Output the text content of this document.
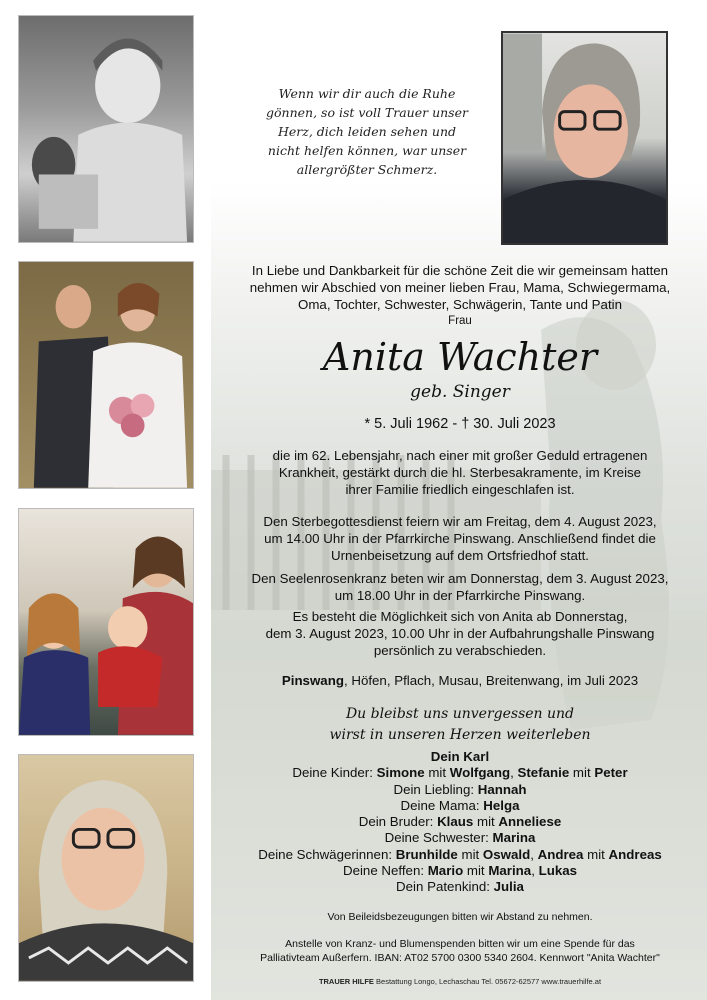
Wenn wir dir auch die Ruhe
gönnen, so ist voll Trauer unser
Herz, dich leiden sehen und
nicht helfen können, war unser
allergrößter Schmerz.
In Liebe und Dankbarkeit für die schöne Zeit die wir gemeinsam hatten
nehmen wir Abschied von meiner lieben Frau, Mama, Schwiegermama,
Oma, Tochter, Schwester, Schwägerin, Tante und Patin
Frau
Anita Wachter
geb. Singer
* 5. Juli 1962 - † 30. Juli 2023
die im 62. Lebensjahr, nach einer mit großer Geduld ertragenen
Krankheit, gestärkt durch die hl. Sterbesakramente, im Kreise
ihrer Familie friedlich eingeschlafen ist.
Den Sterbegottesdienst feiern wir am Freitag, dem 4. August 2023,
um 14.00 Uhr in der Pfarrkirche Pinswang. Anschließend findet die
Urnenbeisetzung auf dem Ortsfriedhof statt.
Den Seelenrosenkranz beten wir am Donnerstag, dem 3. August 2023,
um 18.00 Uhr in der Pfarrkirche Pinswang.
Es besteht die Möglichkeit sich von Anita ab Donnerstag,
dem 3. August 2023, 10.00 Uhr in der Aufbahrungshalle Pinswang
persönlich zu verabschieden.
Pinswang, Höfen, Pflach, Musau, Breitenwang, im Juli 2023
Du bleibst uns unvergessen und
wirst in unseren Herzen weiterleben
Dein Karl
Deine Kinder: Simone mit Wolfgang, Stefanie mit Peter
Dein Liebling: Hannah
Deine Mama: Helga
Dein Bruder: Klaus mit Anneliese
Deine Schwester: Marina
Deine Schwägerinnen: Brunhilde mit Oswald, Andrea mit Andreas
Deine Neffen: Mario mit Marina, Lukas
Dein Patenkind: Julia
Von Beileidsbezeugungen bitten wir Abstand zu nehmen.
Anstelle von Kranz- und Blumenspenden bitten wir um eine Spende für das
Palliativteam Außerfern. IBAN: AT02 5700 0300 5340 2604. Kennwort "Anita Wachter"
TRAUER HILFE Bestattung Longo, Lechaschau Tel. 05672-62577 www.trauerhilfe.at
